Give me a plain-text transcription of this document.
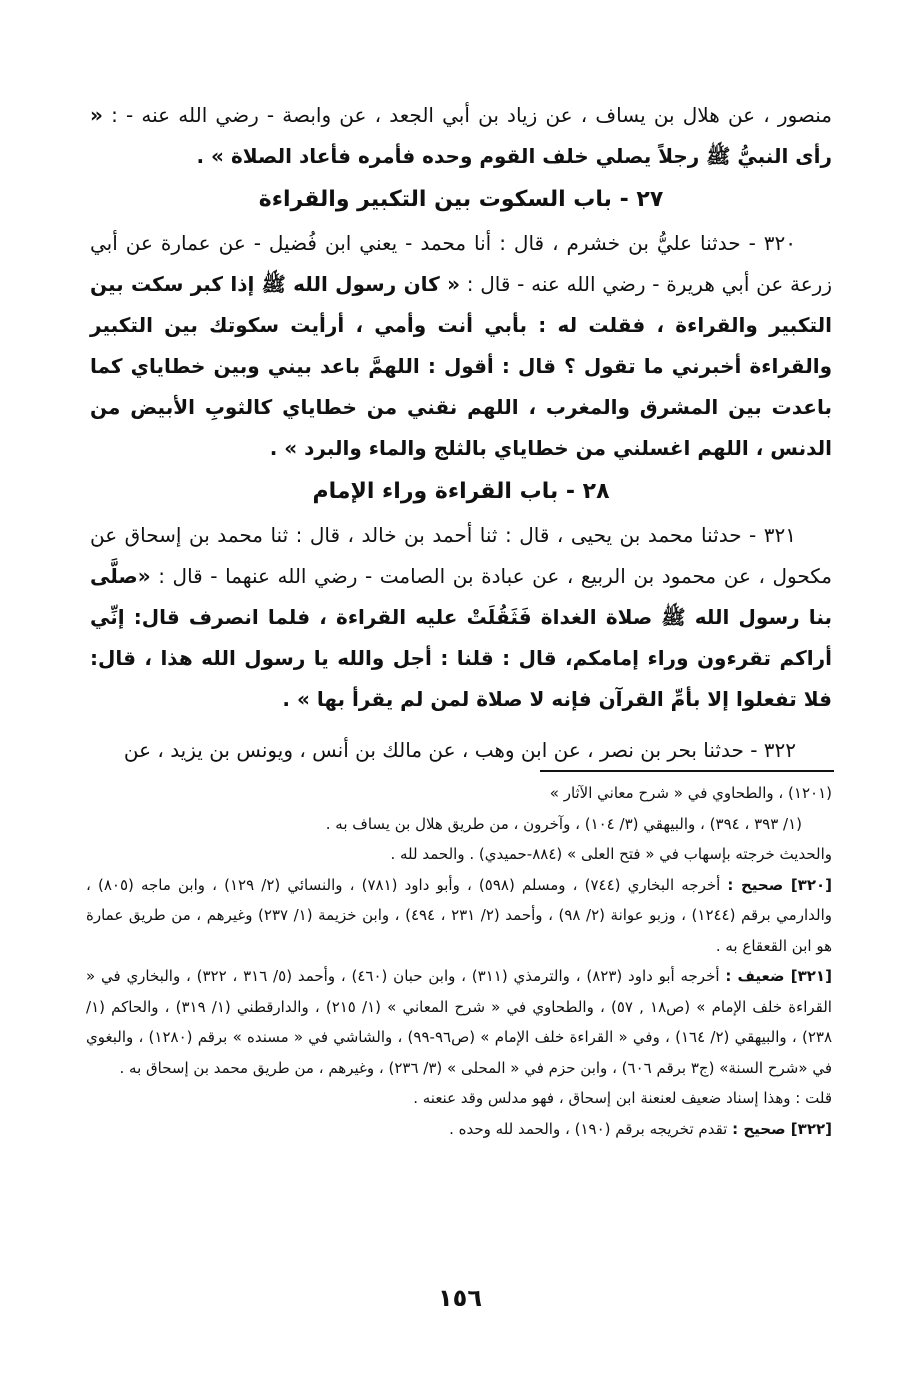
منصور ، عن هلال بن يساف ، عن زياد بن أبي الجعد ، عن وابصة - رضي الله عنه - : « رأى النبيُّ ﷺ رجلاً يصلي خلف القوم وحده فأمره فأعاد الصلاة » .

٢٧ - باب السكوت بين التكبير والقراءة

٣٢٠ - حدثنا عليُّ بن خشرم ، قال : أنا محمد - يعني ابن فُضيل - عن عمارة عن أبي زرعة عن أبي هريرة - رضي الله عنه - قال : « كان رسول الله ﷺ إذا كبر سكت بين التكبير والقراءة ، فقلت له : بأبي أنت وأمي ، أرأيت سكوتك بين التكبير والقراءة أخبرني ما تقول ؟ قال : أقول : اللهمَّ باعد بيني وبين خطاياي كما باعدت بين المشرق والمغرب ، اللهم نقني من خطاياي كالثوبِ الأبيض من الدنس ، اللهم اغسلني من خطاياي بالثلج والماء والبرد » .

٢٨ - باب القراءة وراء الإمام

٣٢١ - حدثنا محمد بن يحيى ، قال : ثنا أحمد بن خالد ، قال : ثنا محمد بن إسحاق عن مكحول ، عن محمود بن الربيع ، عن عبادة بن الصامت - رضي الله عنهما - قال : «صلَّى بنا رسول الله ﷺ صلاة الغداة فَثَقُلَتْ عليه القراءة ، فلما انصرف قال: إنِّي أراكم تقرءون وراء إمامكم، قال : قلنا : أجل والله يا رسول الله هذا ، قال: فلا تفعلوا إلا بأمِّ القرآن فإنه لا صلاة لمن لم يقرأ بها » .

٣٢٢ - حدثنا بحر بن نصر ، عن ابن وهب ، عن مالك بن أنس ، ويونس بن يزيد ، عن

(١٢٠١) ، والطحاوي في « شرح معاني الآثار »

(١/ ٣٩٣ ، ٣٩٤) ، والبيهقي (٣/ ١٠٤) ، وآخرون ، من طريق هلال بن يساف به .

والحديث خرجته بإسهاب في « فتح العلى » (٨٨٤-حميدي) . والحمد لله .

[٣٢٠] صحيح : أخرجه البخاري (٧٤٤) ، ومسلم (٥٩٨) ، وأبو داود (٧٨١) ، والنسائي (٢/ ١٢٩) ، وابن ماجه (٨٠٥) ، والدارمي برقم (١٢٤٤) ، وزبو عوانة (٢/ ٩٨) ، وأحمد (٢/ ٢٣١ ، ٤٩٤) ، وابن خزيمة (١/ ٢٣٧) وغيرهم ، من طريق عمارة هو ابن القعقاع به .

[٣٢١] ضعيف : أخرجه أبو داود (٨٢٣) ، والترمذي (٣١١) ، وابن حبان (٤٦٠) ، وأحمد (٥/ ٣١٦ ، ٣٢٢) ، والبخاري في « القراءة خلف الإمام » (ص١٨ , ٥٧) ، والطحاوي في « شرح المعاني » (١/ ٢١٥) ، والدارقطني (١/ ٣١٩) ، والحاكم (١/ ٢٣٨) ، والبيهقي (٢/ ١٦٤) ، وفي « القراءة خلف الإمام » (ص٩٦-٩٩) ، والشاشي في « مسنده » برقم (١٢٨٠) ، والبغوي في «شرح السنة» (ج٣ برقم ٦٠٦) ، وابن حزم في « المحلى » (٣/ ٢٣٦) ، وغيرهم ، من طريق محمد بن إسحاق به .

قلت : وهذا إسناد ضعيف لعنعنة ابن إسحاق ، فهو مدلس وقد عنعنه .

[٣٢٢] صحيح : تقدم تخريجه برقم (١٩٠) ، والحمد لله وحده .

١٥٦
